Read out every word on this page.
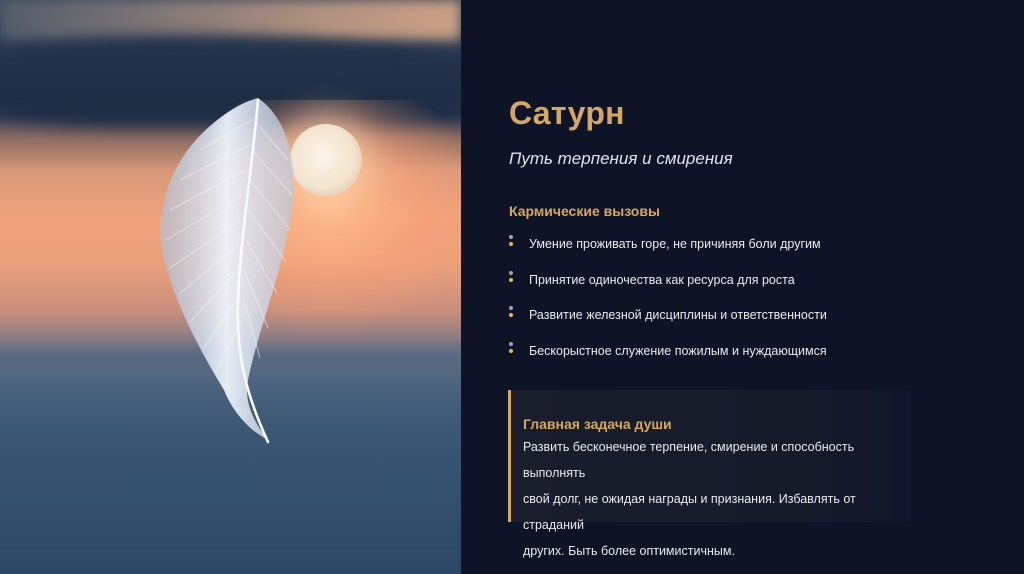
Сатурн
Путь терпения и смирения
Кармические вызовы
Умение проживать горе, не причиняя боли другим
Принятие одиночества как ресурса для роста
Развитие железной дисциплины и ответственности
Бескорыстное служение пожилым и нуждающимся
Главная задача души
Развить бесконечное терпение, смирение и способность выполнять
свой долг, не ожидая награды и признания. Избавлять от страданий
других. Быть более оптимистичным.
